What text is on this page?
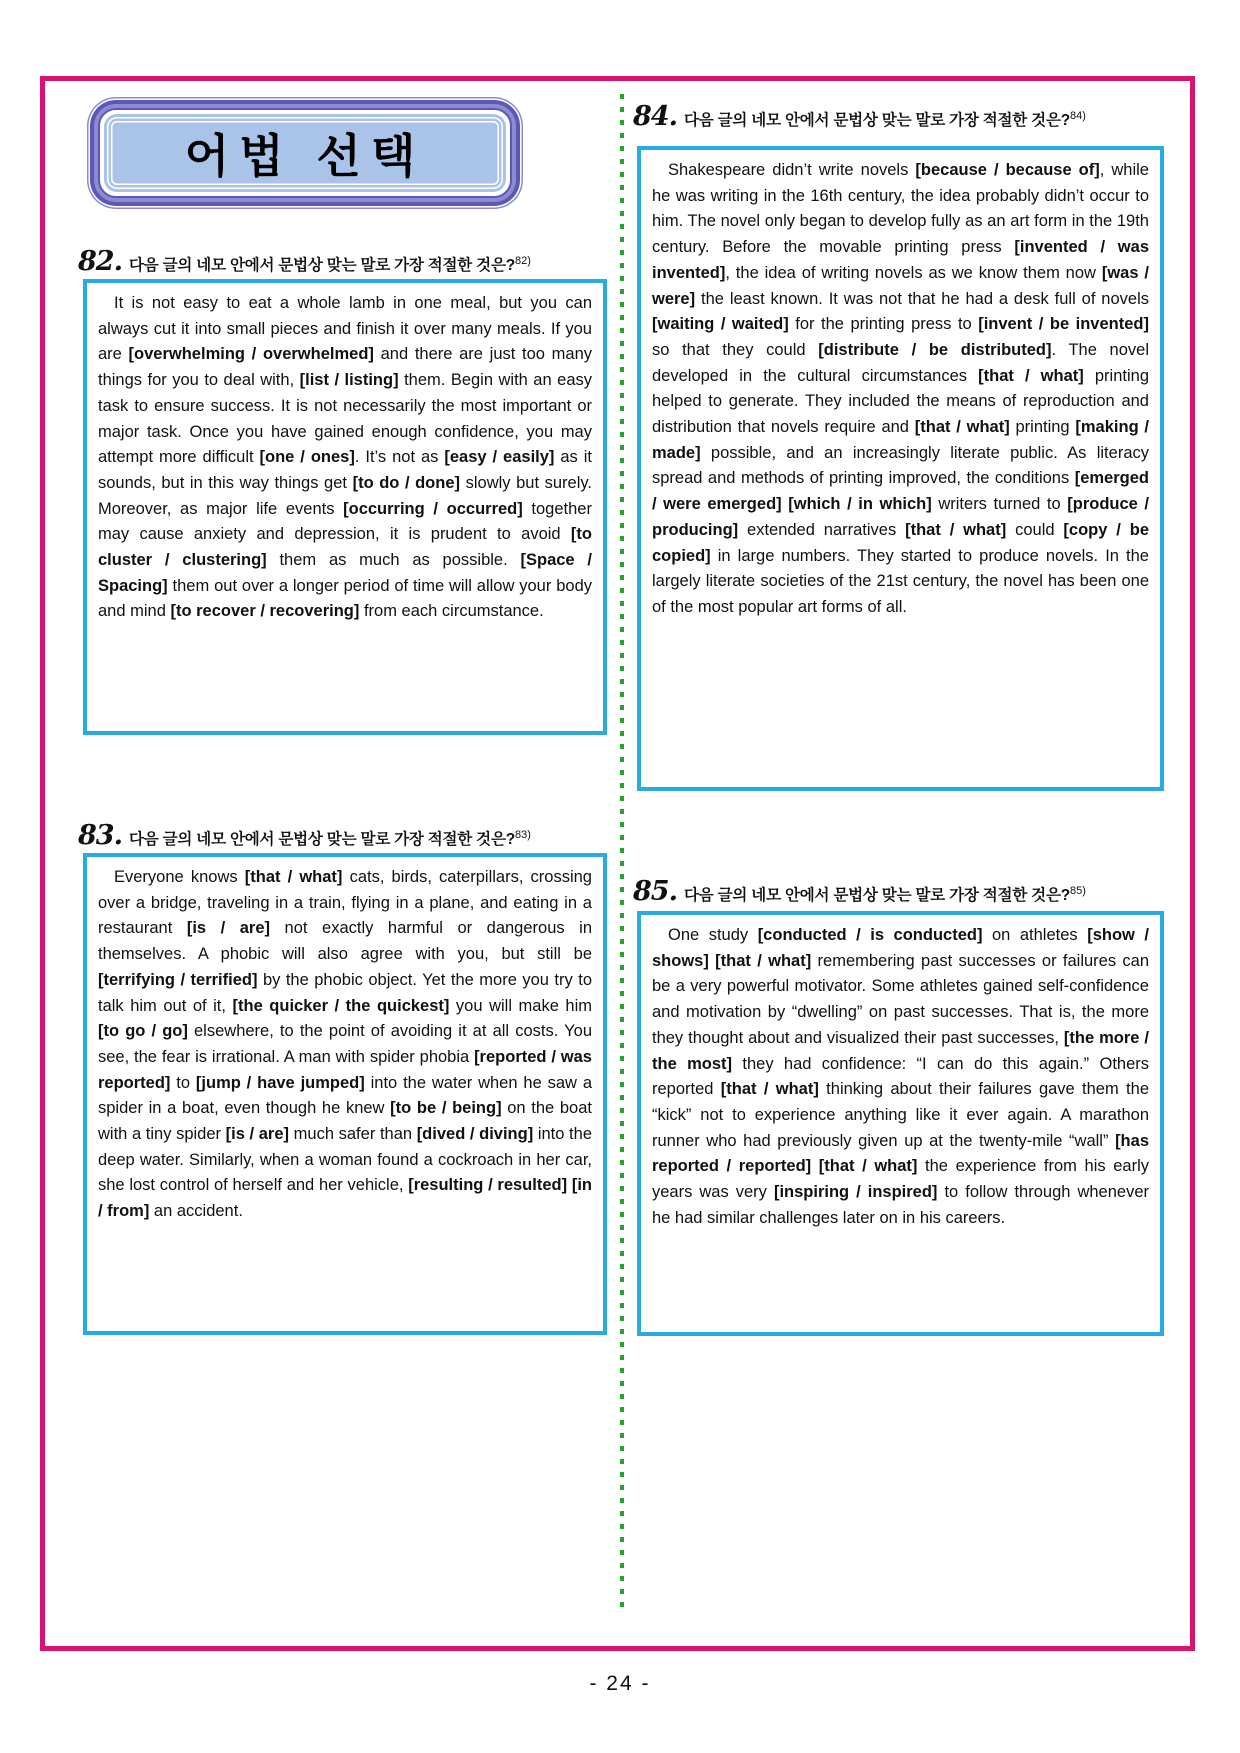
어법 선택
82. 다음 글의 네모 안에서 문법상 맞는 말로 가장 적절한 것은?$^{82)}$
It is not easy to eat a whole lamb in one meal, but you can always cut it into small pieces and finish it over many meals. If you are [overwhelming / overwhelmed] and there are just too many things for you to deal with, [list / listing] them. Begin with an easy task to ensure success. It is not necessarily the most important or major task. Once you have gained enough confidence, you may attempt more difficult [one / ones]. It’s not as [easy / easily] as it sounds, but in this way things get [to do / done] slowly but surely. Moreover, as major life events [occurring / occurred] together may cause anxiety and depression, it is prudent to avoid [to cluster / clustering] them as much as possible. [Space / Spacing] them out over a longer period of time will allow your body and mind [to recover / recovering] from each circumstance.
83. 다음 글의 네모 안에서 문법상 맞는 말로 가장 적절한 것은?$^{83)}$
Everyone knows [that / what] cats, birds, caterpillars, crossing over a bridge, traveling in a train, flying in a plane, and eating in a restaurant [is / are] not exactly harmful or dangerous in themselves. A phobic will also agree with you, but still be [terrifying / terrified] by the phobic object. Yet the more you try to talk him out of it, [the quicker / the quickest] you will make him [to go / go] elsewhere, to the point of avoiding it at all costs. You see, the fear is irrational. A man with spider phobia [reported / was reported] to [jump / have jumped] into the water when he saw a spider in a boat, even though he knew [to be / being] on the boat with a tiny spider [is / are] much safer than [dived / diving] into the deep water. Similarly, when a woman found a cockroach in her car, she lost control of herself and her vehicle, [resulting / resulted] [in / from] an accident.
84. 다음 글의 네모 안에서 문법상 맞는 말로 가장 적절한 것은?$^{84)}$
Shakespeare didn’t write novels [because / because of], while he was writing in the 16th century, the idea probably didn’t occur to him. The novel only began to develop fully as an art form in the 19th century. Before the movable printing press [invented / was invented], the idea of writing novels as we know them now [was / were] the least known. It was not that he had a desk full of novels [waiting / waited] for the printing press to [invent / be invented] so that they could [distribute / be distributed]. The novel developed in the cultural circumstances [that / what] printing helped to generate. They included the means of reproduction and distribution that novels require and [that / what] printing [making / made] possible, and an increasingly literate public. As literacy spread and methods of printing improved, the conditions [emerged / were emerged] [which / in which] writers turned to [produce / producing] extended narratives [that / what] could [copy / be copied] in large numbers. They started to produce novels. In the largely literate societies of the 21st century, the novel has been one of the most popular art forms of all.
85. 다음 글의 네모 안에서 문법상 맞는 말로 가장 적절한 것은?$^{85)}$
One study [conducted / is conducted] on athletes [show / shows] [that / what] remembering past successes or failures can be a very powerful motivator. Some athletes gained self-confidence and motivation by “dwelling” on past successes. That is, the more they thought about and visualized their past successes, [the more / the most] they had confidence: “I can do this again.” Others reported [that / what] thinking about their failures gave them the “kick” not to experience anything like it ever again. A marathon runner who had previously given up at the twenty-mile “wall” [has reported / reported] [that / what] the experience from his early years was very [inspiring / inspired] to follow through whenever he had similar challenges later on in his careers.
- 24 -
